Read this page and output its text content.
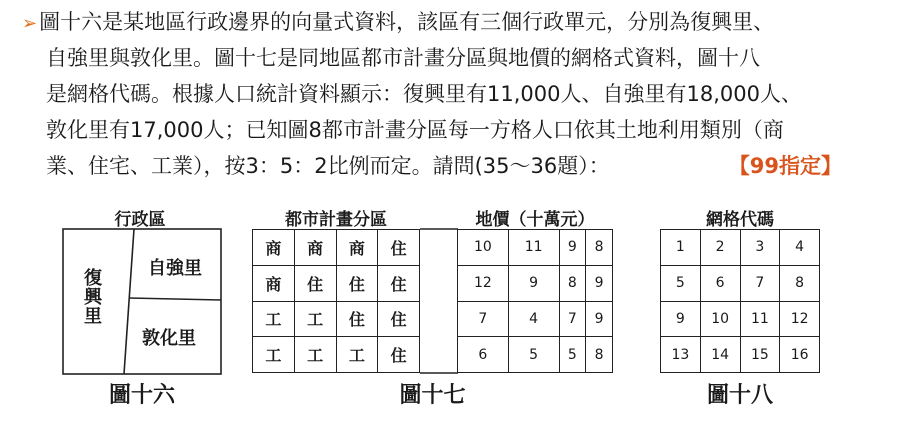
➢圖十六是某地區行政邊界的向量式資料，該區有三個行政單元，分別為復興里、
自強里與敦化里。圖十七是同地區都市計畫分區與地價的網格式資料，圖十八
是網格代碼。根據人口統計資料顯示：復興里有11,000人、自強里有18,000人、
敦化里有17,000人；已知圖8都市計畫分區每一方格人口依其土地利用類別（商
業、住宅、工業），按3：5：2比例而定。請問(35～36題）：	【99指定】
行政區
復興里	自強里
敦化里
圖十六
都市計畫分區	地價（十萬元）
商	商	商	住
商	住	住	住
工	工	住	住
工	工	工	住
10	11	9	8
12	9	8	9
7	4	7	9
6	5	5	8
圖十七
網格代碼
1	2	3	4
5	6	7	8
9	10	11	12
13	14	15	16
圖十八
